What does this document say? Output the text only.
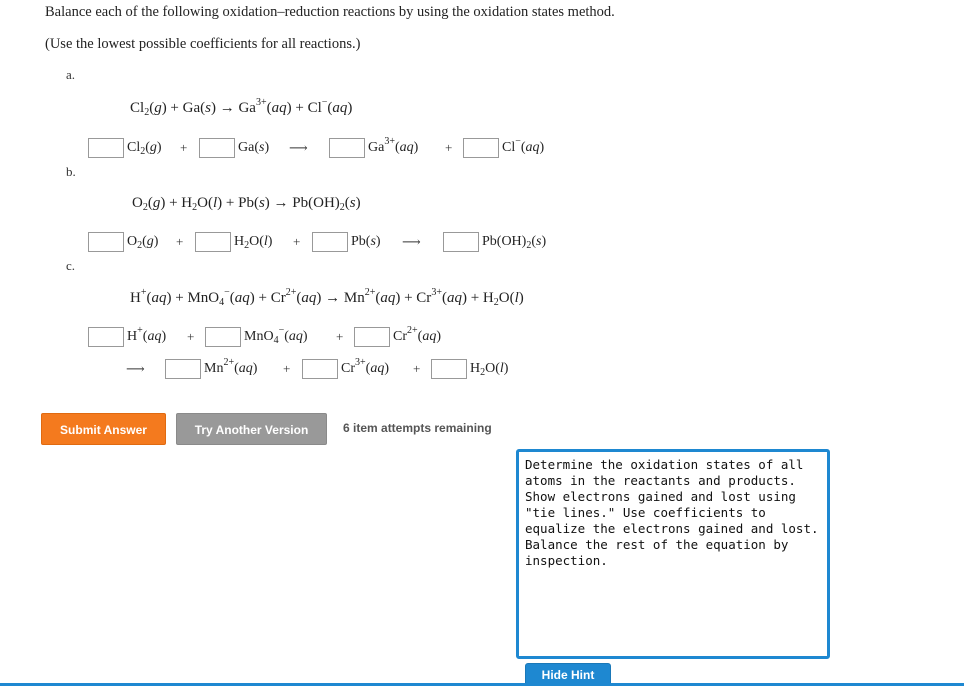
Balance each of the following oxidation–reduction reactions by using the oxidation states method.
(Use the lowest possible coefficients for all reactions.)
a.
$Cl_2(g) + Ga(s) \to Ga^{3+}(aq) + Cl^-(aq)$
$Cl_2(g)$ +	Ga(s) ⟶	$Ga^{3+}(aq)$ +	Cl−(aq)
b.
$O_2(g) + H_2O(l) + Pb(s) \to Pb(OH)_2(s)$
$O_2(g)$ +	$H_2O(l)$ +	Pb(s) ⟶	$Pb(OH)_2(s)$
c.
$H^+(aq) + MnO_4^-(aq) + Cr^{2+}(aq) \to Mn^{2+}(aq) + Cr^{3+}(aq) + H_2O(l)$
H+(aq) +	MnO$_4$−(aq) +	$Cr^{2+}(aq)$
⟶	$Mn^{2+}(aq)$ +	$Cr^{3+}(aq)$ +	$H_2O(l)$
Submit Answer	Try Another Version	6 item attempts remaining
Determine the oxidation states of all atoms in the reactants and products. Show electrons gained and lost using "tie lines." Use coefficients to equalize the electrons gained and lost. Balance the rest of the equation by inspection.
Hide Hint
